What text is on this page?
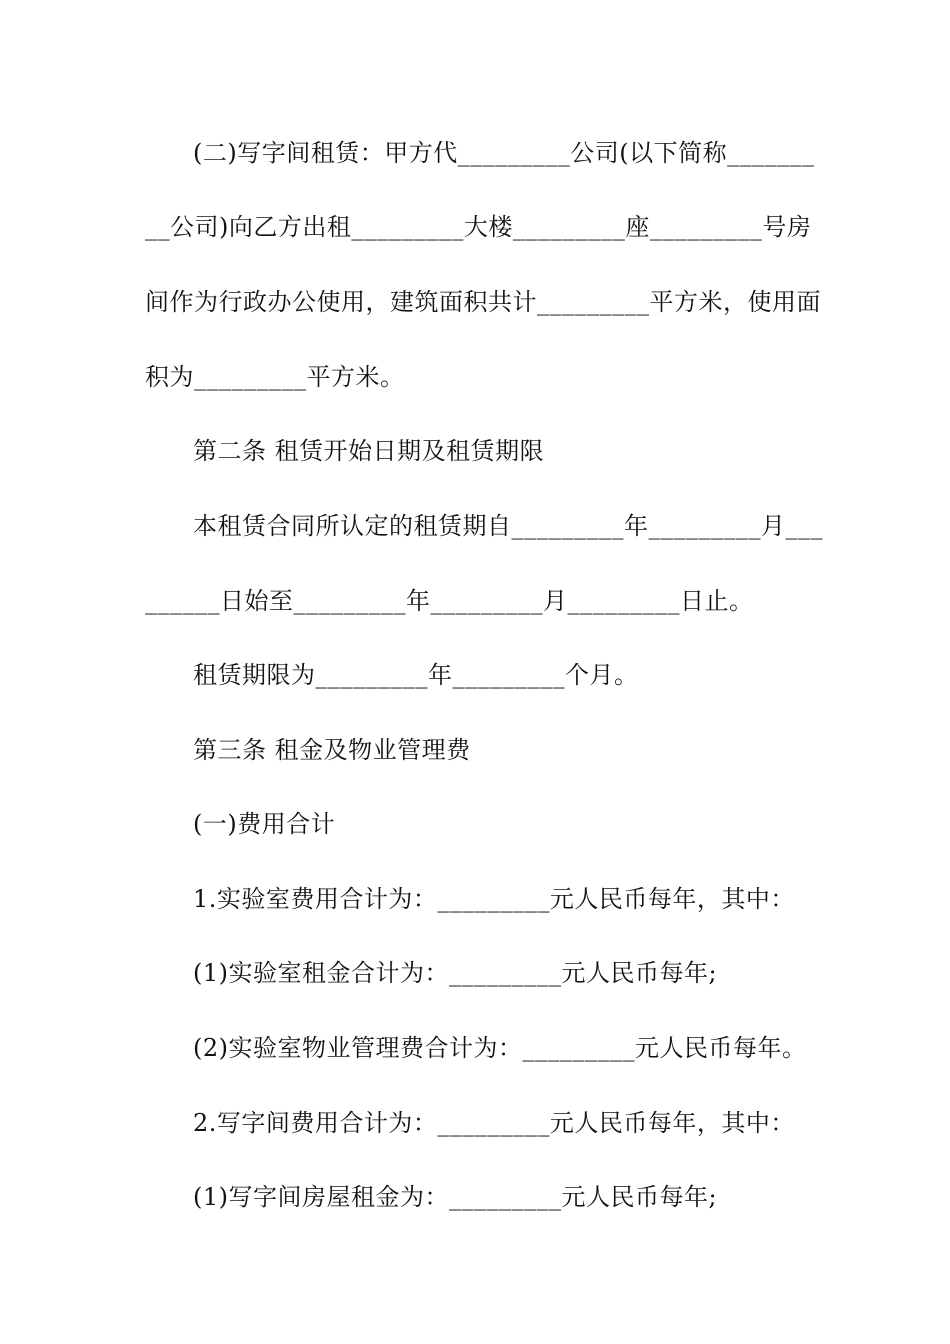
(二)写字间租赁：甲方代_________公司(以下简称_______
__公司)向乙方出租_________大楼_________座_________号房
间作为行政办公使用，建筑面积共计_________平方米，使用面
积为_________平方米。
第二条 租赁开始日期及租赁期限
本租赁合同所认定的租赁期自_________年_________月___
______日始至_________年_________月_________日止。
租赁期限为_________年_________个月。
第三条 租金及物业管理费
(一)费用合计
1.实验室费用合计为：_________元人民币每年，其中：
(1)实验室租金合计为：_________元人民币每年;
(2)实验室物业管理费合计为：_________元人民币每年。
2.写字间费用合计为：_________元人民币每年，其中：
(1)写字间房屋租金为：_________元人民币每年;
